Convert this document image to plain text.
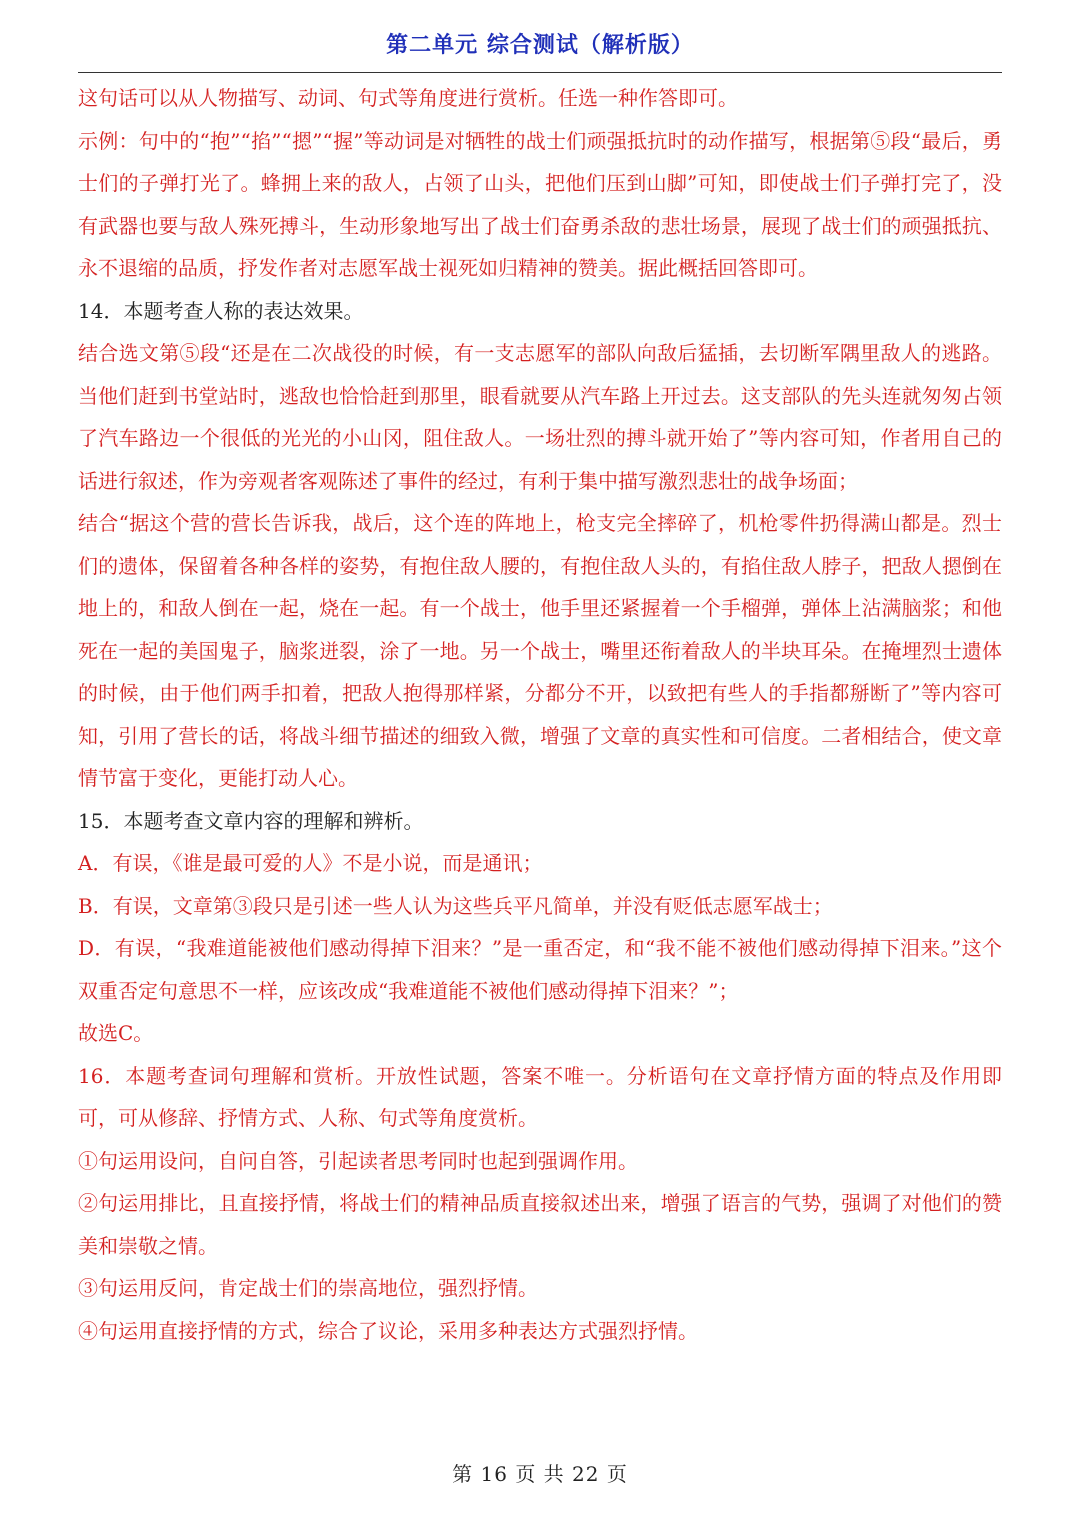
第二单元 综合测试（解析版）

这句话可以从人物描写、动词、句式等角度进行赏析。任选一种作答即可。

示例：句中的“抱”“掐”“摁”“握”等动词是对牺牲的战士们顽强抵抗时的动作描写，根据第⑤段“最后，勇士们的子弹打光了。蜂拥上来的敌人，占领了山头，把他们压到山脚”可知，即使战士们子弹打完了，没有武器也要与敌人殊死搏斗，生动形象地写出了战士们奋勇杀敌的悲壮场景，展现了战士们的顽强抵抗、永不退缩的品质，抒发作者对志愿军战士视死如归精神的赞美。据此概括回答即可。

14．本题考查人称的表达效果。

结合选文第⑤段“还是在二次战役的时候，有一支志愿军的部队向敌后猛插，去切断军隅里敌人的逃路。当他们赶到书堂站时，逃敌也恰恰赶到那里，眼看就要从汽车路上开过去。这支部队的先头连就匆匆占领了汽车路边一个很低的光光的小山冈，阻住敌人。一场壮烈的搏斗就开始了”等内容可知，作者用自己的话进行叙述，作为旁观者客观陈述了事件的经过，有利于集中描写激烈悲壮的战争场面；

结合“据这个营的营长告诉我，战后，这个连的阵地上，枪支完全摔碎了，机枪零件扔得满山都是。烈士们的遗体，保留着各种各样的姿势，有抱住敌人腰的，有抱住敌人头的，有掐住敌人脖子，把敌人摁倒在地上的，和敌人倒在一起，烧在一起。有一个战士，他手里还紧握着一个手榴弹，弹体上沾满脑浆；和他死在一起的美国鬼子，脑浆迸裂，涂了一地。另一个战士，嘴里还衔着敌人的半块耳朵。在掩埋烈士遗体的时候，由于他们两手扣着，把敌人抱得那样紧，分都分不开，以致把有些人的手指都掰断了”等内容可知，引用了营长的话，将战斗细节描述的细致入微，增强了文章的真实性和可信度。二者相结合，使文章情节富于变化，更能打动人心。

15．本题考查文章内容的理解和辨析。

A．有误，《谁是最可爱的人》不是小说，而是通讯；

B．有误，文章第③段只是引述一些人认为这些兵平凡简单，并没有贬低志愿军战士；

D．有误，“我难道能被他们感动得掉下泪来？”是一重否定，和“我不能不被他们感动得掉下泪来。”这个双重否定句意思不一样，应该改成“我难道能不被他们感动得掉下泪来？”；

故选C。

16．本题考查词句理解和赏析。开放性试题，答案不唯一。分析语句在文章抒情方面的特点及作用即可，可从修辞、抒情方式、人称、句式等角度赏析。

①句运用设问，自问自答，引起读者思考同时也起到强调作用。

②句运用排比，且直接抒情，将战士们的精神品质直接叙述出来，增强了语言的气势，强调了对他们的赞美和崇敬之情。

③句运用反问，肯定战士们的崇高地位，强烈抒情。

④句运用直接抒情的方式，综合了议论，采用多种表达方式强烈抒情。

第 16 页 共 22 页
